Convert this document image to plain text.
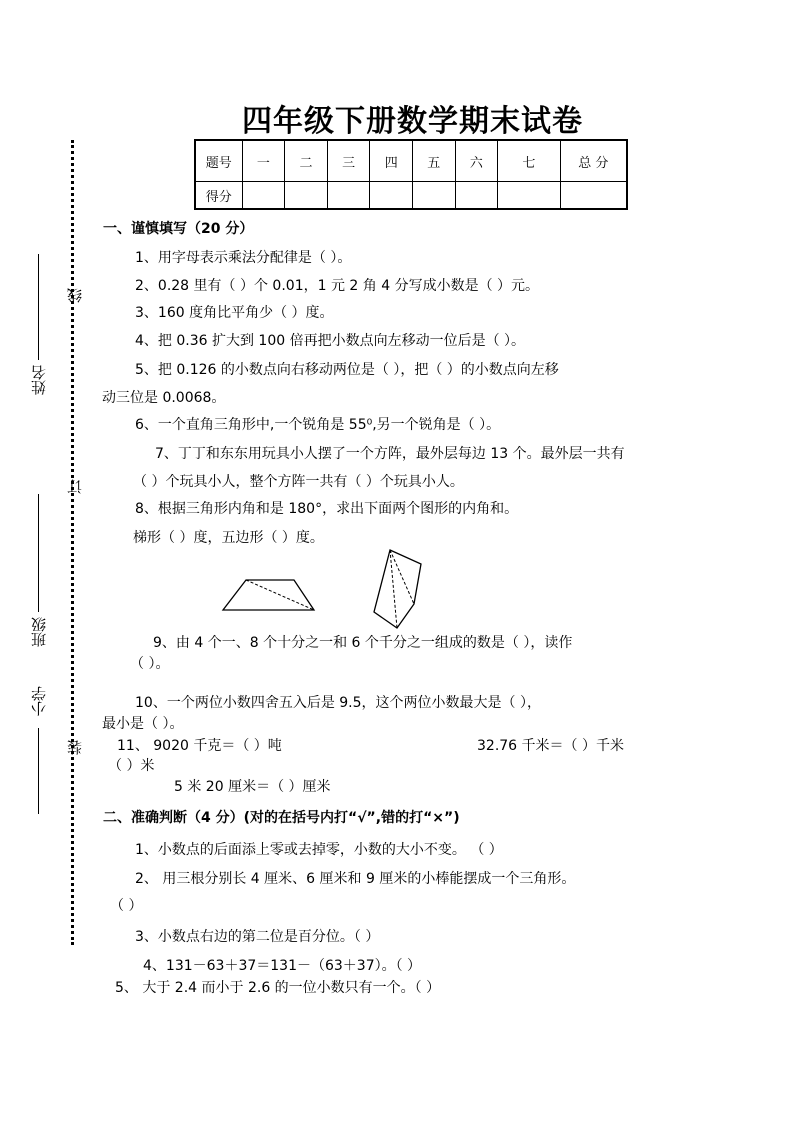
四年级下册数学期末试卷
题号	一	二	三	四	五	六	七	总 分
得分								
线
订
装
姓名
班级
小学
一、谨慎填写（20 分）
1、用字母表示乘法分配律是（ ）。
2、0.28 里有（ ）个 0.01，1 元 2 角 4 分写成小数是（ ）元。
3、160 度角比平角少（ ）度。
4、把 0.36 扩大到 100 倍再把小数点向左移动一位后是（ ）。
5、把 0.126 的小数点向右移动两位是（ ），把（ ）的小数点向左移
动三位是 0.0068。
6、一个直角三角形中,一个锐角是 55⁰,另一个锐角是（ ）。
7、丁丁和东东用玩具小人摆了一个方阵，最外层每边 13 个。最外层一共有
（ ）个玩具小人，整个方阵一共有（ ）个玩具小人。
8、根据三角形内角和是 180°，求出下面两个图形的内角和。
梯形（ ）度，五边形（ ）度。
9、由 4 个一、8 个十分之一和 6 个千分之一组成的数是（ ），读作
（ ）。
10、一个两位小数四舍五入后是 9.5，这个两位小数最大是（ ），
最小是（ ）。
11、 9020 千克＝（ ）吨	32.76 千米＝（ ）千米
（ ）米
5 米 20 厘米＝（ ）厘米
二、准确判断（4 分）(对的在括号内打“√”,错的打“×”)
1、小数点的后面添上零或去掉零，小数的大小不变。 （ ）
2、 用三根分别长 4 厘米、6 厘米和 9 厘米的小棒能摆成一个三角形。
（ ）
3、小数点右边的第二位是百分位。（ ）
4、131－63＋37＝131－（63＋37）。（ ）
5、 大于 2.4 而小于 2.6 的一位小数只有一个。（ ）
